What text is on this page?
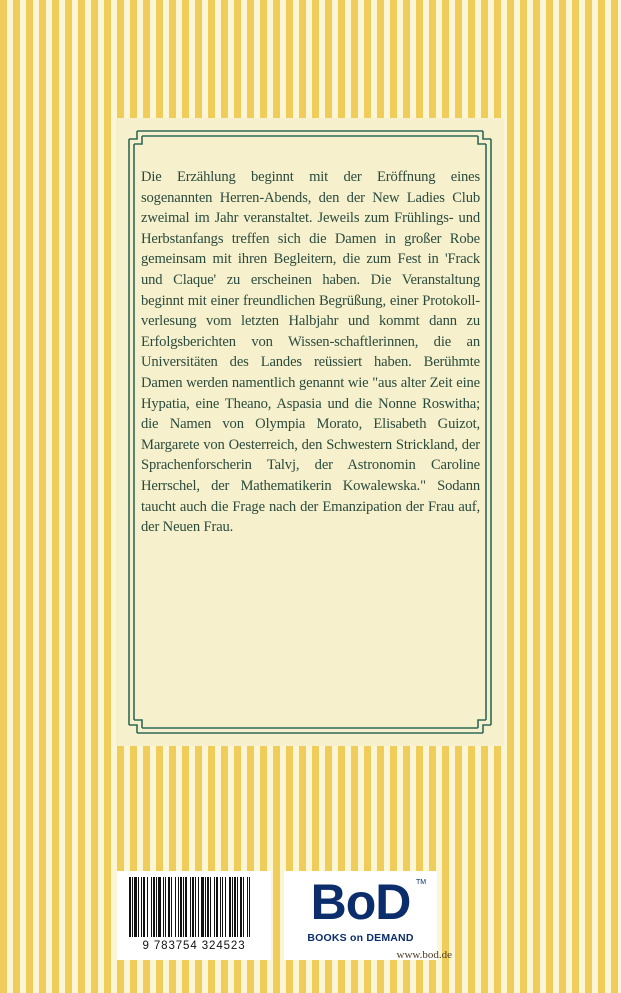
Die Erzählung beginnt mit der Eröffnung eines sogenannten Herren-Abends, den der New Ladies Club zweimal im Jahr veranstaltet. Jeweils zum Frühlings- und Herbstanfangs treffen sich die Damen in großer Robe gemeinsam mit ihren Begleitern, die zum Fest in 'Frack und Claque' zu erscheinen haben. Die Veranstaltung beginnt mit einer freundlichen Begrüßung, einer Protokoll-verlesung vom letzten Halbjahr und kommt dann zu Erfolgsberichten von Wissen-schaftlerinnen, die an Universitäten des Landes reüssiert haben. Berühmte Damen werden namentlich genannt wie "aus alter Zeit eine Hypatia, eine Theano, Aspasia und die Nonne Roswitha; die Namen von Olympia Morato, Elisabeth Guizot, Margarete von Oesterreich, den Schwestern Strickland, der Sprachenforscherin Talvj, der Astronomin Caroline Herrschel, der Mathematikerin Kowalewska." Sodann taucht auch die Frage nach der Emanzipation der Frau auf, der Neuen Frau.

9 783754 324523
BoD TM
BOOKS on DEMAND
www.bod.de
